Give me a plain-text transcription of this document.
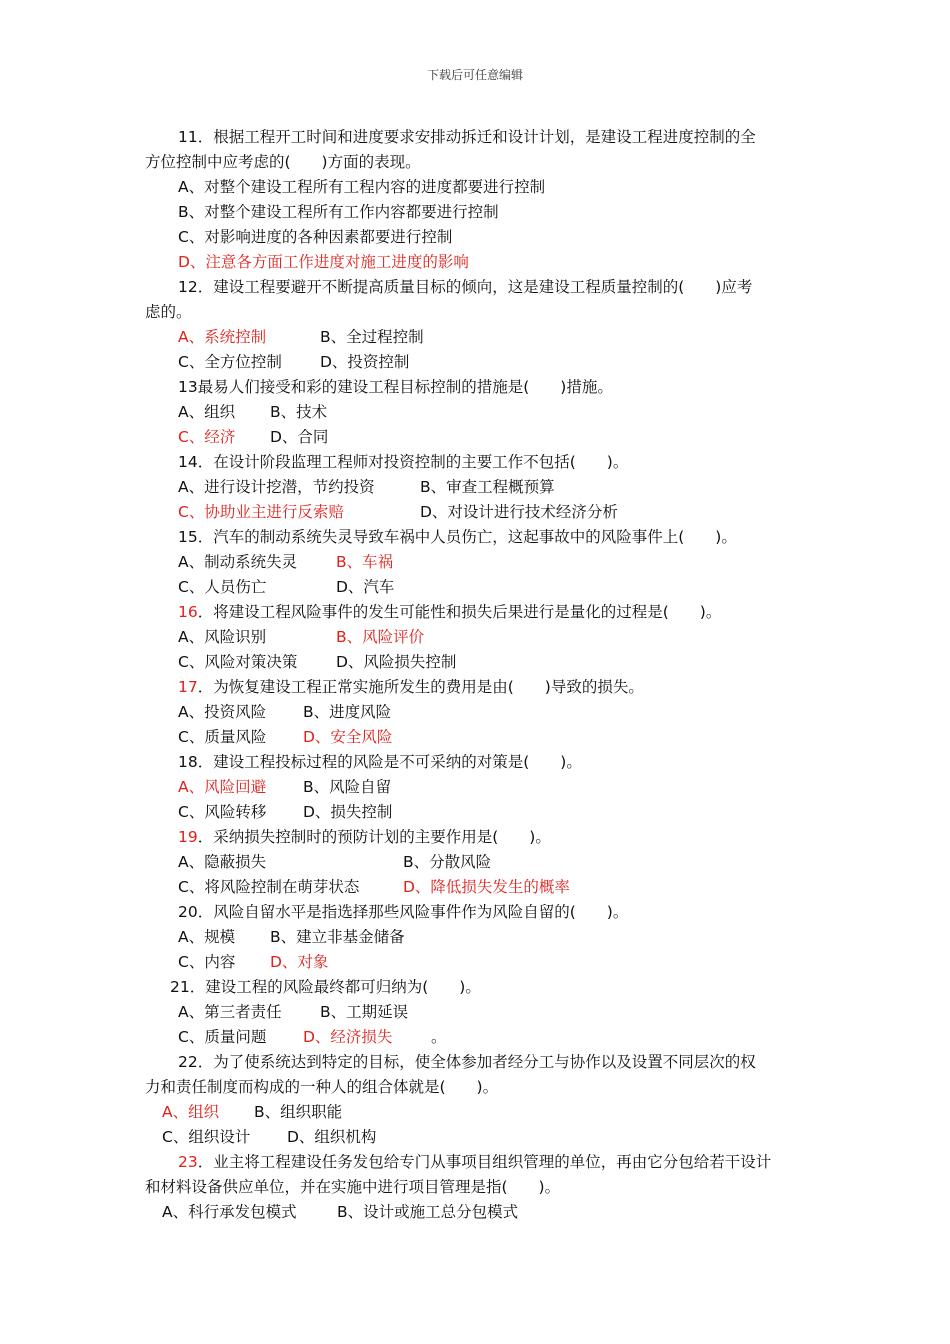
下载后可任意编辑
11．根据工程开工时间和进度要求安排动拆迁和设计计划，是建设工程进度控制的全
方位控制中应考虑的(　　)方面的表现。
A、对整个建设工程所有工程内容的进度都要进行控制
B、对整个建设工程所有工作内容都要进行控制
C、对影响进度的各种因素都要进行控制
D、注意各方面工作进度对施工进度的影响
12．建设工程要避开不断提高质量目标的倾向，这是建设工程质量控制的(　　)应考
虑的。
A、系统控制	B、全过程控制
C、全方位控制 D、投资控制
13最易人们接受和彩的建设工程目标控制的措施是(　　)措施。
A、组织 B、技术
C、经济 D、合同
14．在设计阶段监理工程师对投资控制的主要工作不包括(　　)。
A、进行设计挖潜，节约投资	B、审查工程概预算
C、协助业主进行反索赔	D、对设计进行技术经济分析
15．汽车的制动系统失灵导致车祸中人员伤亡，这起事故中的风险事件上(　　)。
A、制动系统失灵	B、车祸
C、人员伤亡	D、汽车
16．将建设工程风险事件的发生可能性和损失后果进行是量化的过程是(　　)。
A、风险识别	B、风险评价
C、风险对策决策 D、风险损失控制
17．为恢复建设工程正常实施所发生的费用是由(　　)导致的损失。
A、投资风险 B、进度风险
C、质量风险 D、安全风险
18．建设工程投标过程的风险是不可采纳的对策是(　　)。
A、风险回避 B、风险自留
C、风险转移 D、损失控制
19．采纳损失控制时的预防计划的主要作用是(　　)。
A、隐蔽损失	B、分散风险
C、将风险控制在萌芽状态	D、降低损失发生的概率
20．风险自留水平是指选择那些风险事件作为风险自留的(　　)。
A、规模 B、建立非基金储备
C、内容 D、对象
21．建设工程的风险最终都可归纳为(　　)。
A、第三者责任 B、工期延误
C、质量问题 D、经济损失 。
22．为了使系统达到特定的目标，使全体参加者经分工与协作以及设置不同层次的权
力和责任制度而构成的一种人的组合体就是(　　)。
A、组织 B、组织职能
C、组织设计 D、组织机构
23．业主将工程建设任务发包给专门从事项目组织管理的单位，再由它分包给若干设计
和材料设备供应单位，并在实施中进行项目管理是指(　　)。
A、科行承发包模式	B、设计或施工总分包模式
